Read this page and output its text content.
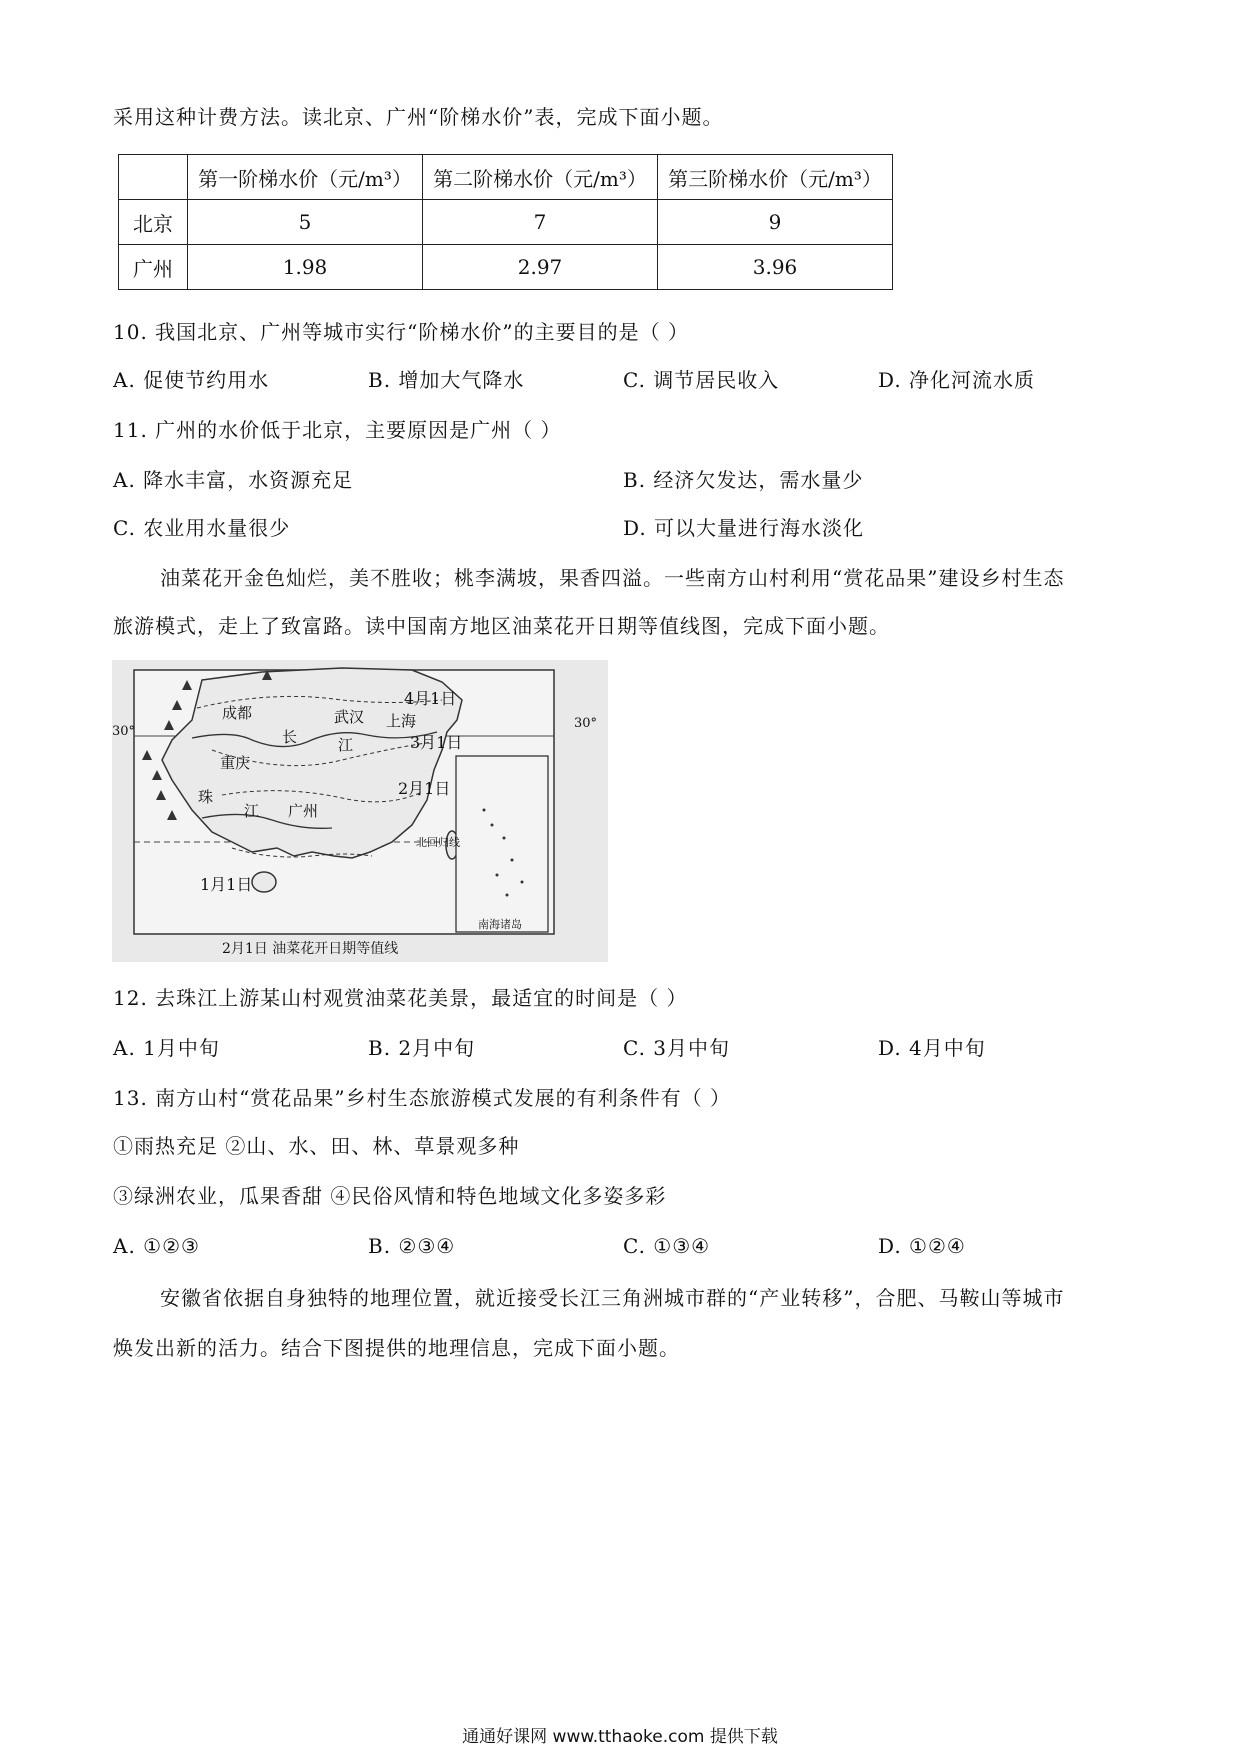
采用这种计费方法。读北京、广州“阶梯水价”表，完成下面小题。
	第一阶梯水价（元/m³）	第二阶梯水价（元/m³）	第三阶梯水价（元/m³）
北京	5	7	9
广州	1.98	2.97	3.96
10. 我国北京、广州等城市实行“阶梯水价”的主要目的是（ ）
A. 促使节约用水	B. 增加大气降水	C. 调节居民收入	D. 净化河流水质
11. 广州的水价低于北京，主要原因是广州（ ）
A. 降水丰富，水资源充足	B. 经济欠发达，需水量少
C. 农业用水量很少	D. 可以大量进行海水淡化
油菜花开金色灿烂，美不胜收；桃李满坡，果香四溢。一些南方山村利用“赏花品果”建设乡村生态
旅游模式，走上了致富路。读中国南方地区油菜花开日期等值线图，完成下面小题。
30°
30°
成都	武汉 上海
重庆
广州
长	江
珠
江
4月1日
3月1日
2月1日
1月1日
北回归线
南海诸岛
2月1日 油菜花开日期等值线
12. 去珠江上游某山村观赏油菜花美景，最适宜的时间是（ ）
A. 1月中旬	B. 2月中旬	C. 3月中旬	D. 4月中旬
13. 南方山村“赏花品果”乡村生态旅游模式发展的有利条件有（ ）
①雨热充足 ②山、水、田、林、草景观多种
③绿洲农业，瓜果香甜 ④民俗风情和特色地域文化多姿多彩
A. ①②③	B. ②③④	C. ①③④	D. ①②④
安徽省依据自身独特的地理位置，就近接受长江三角洲城市群的“产业转移”，合肥、马鞍山等城市
焕发出新的活力。结合下图提供的地理信息，完成下面小题。
通通好课网 www.tthaoke.com 提供下载
